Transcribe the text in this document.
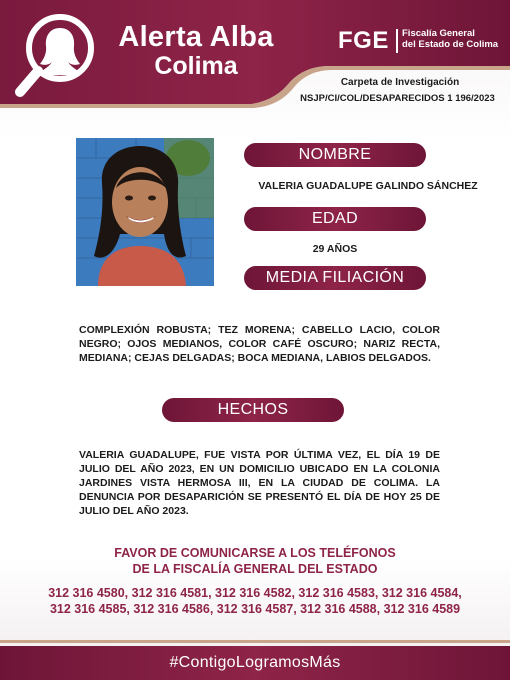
Alerta Alba
Colima
FGE Fiscalía General
del Estado de Colima
Carpeta de Investigación
NSJP/CI/COL/DESAPARECIDOS 1 196/2023
NOMBRE
VALERIA GUADALUPE GALINDO SÁNCHEZ
EDAD
29 AÑOS
MEDIA FILIACIÓN
COMPLEXIÓN ROBUSTA; TEZ MORENA; CABELLO LACIO, COLOR NEGRO; OJOS MEDIANOS, COLOR CAFÉ OSCURO; NARIZ RECTA, MEDIANA; CEJAS DELGADAS; BOCA MEDIANA, LABIOS DELGADOS.
HECHOS
VALERIA GUADALUPE, FUE VISTA POR ÚLTIMA VEZ, EL DÍA 19 DE JULIO DEL AÑO 2023, EN UN DOMICILIO UBICADO EN LA COLONIA JARDINES VISTA HERMOSA III, EN LA CIUDAD DE COLIMA. LA DENUNCIA POR DESAPARICIÓN SE PRESENTÓ EL DÍA DE HOY 25 DE JULIO DEL AÑO 2023.
FAVOR DE COMUNICARSE A LOS TELÉFONOS
DE LA FISCALÍA GENERAL DEL ESTADO
312 316 4580, 312 316 4581, 312 316 4582, 312 316 4583, 312 316 4584, 312 316 4585, 312 316 4586, 312 316 4587, 312 316 4588, 312 316 4589
#ContigoLogramosMás
